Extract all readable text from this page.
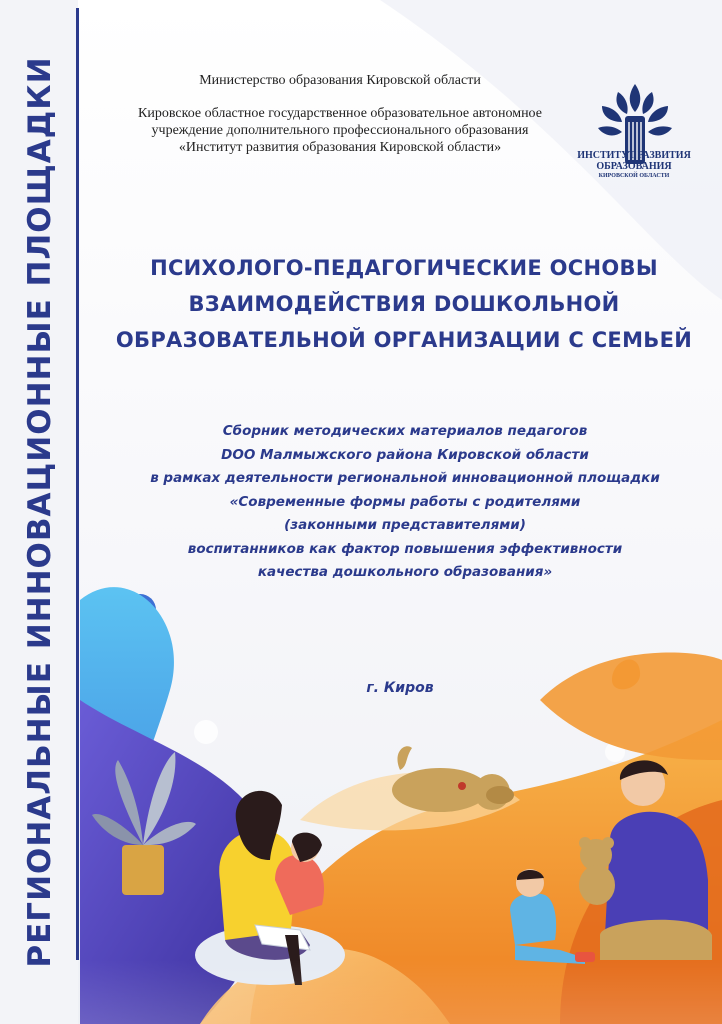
РЕГИОНАЛЬНЫЕ ИННОВАЦИОННЫЕ ПЛОЩАДКИ	Министерство образования Кировской области
Кировское областное государственное образовательное автономное
учреждение дополнительного профессионального образования
«Институт развития образования Кировской области»
ИНСТИТУТ РАЗВИТИЯ
ОБРАЗОВАНИЯ
КИРОВСКОЙ ОБЛАСТИ
ПСИХОЛОГО-ПЕДАГОГИЧЕСКИЕ ОСНОВЫ
ВЗАИМОДЕЙСТВИЯ DОШКОЛЬНОЙ
ОБРАЗОВАТЕЛЬНОЙ ОРГАНИЗАЦИИ С СЕМЬЕЙ
Сборник методических материалов педагогов
DОО Малмыжского района Кировской области
в рамках деятельности региональной инновационной площадки
«Современные формы работы с родителями
(законными представителями)
воспитанников как фактор повышения эффективности
качества дошкольного образования»
г. Киров
